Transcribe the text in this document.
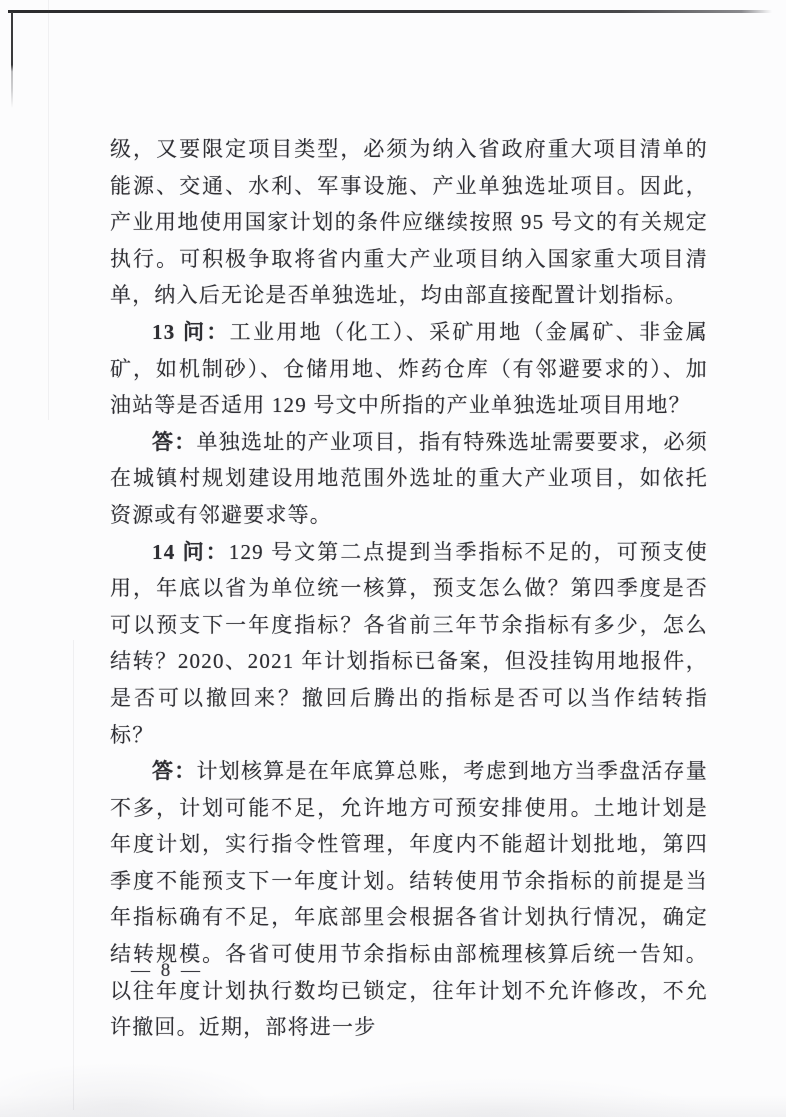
级，又要限定项目类型，必须为纳入省政府重大项目清单的能源、交通、水利、军事设施、产业单独选址项目。因此，产业用地使用国家计划的条件应继续按照 95 号文的有关规定执行。可积极争取将省内重大产业项目纳入国家重大项目清单，纳入后无论是否单独选址，均由部直接配置计划指标。

13 问：工业用地（化工）、采矿用地（金属矿、非金属矿，如机制砂）、仓储用地、炸药仓库（有邻避要求的）、加油站等是否适用 129 号文中所指的产业单独选址项目用地？

答：单独选址的产业项目，指有特殊选址需要要求，必须在城镇村规划建设用地范围外选址的重大产业项目，如依托资源或有邻避要求等。

14 问：129 号文第二点提到当季指标不足的，可预支使用，年底以省为单位统一核算，预支怎么做？第四季度是否可以预支下一年度指标？各省前三年节余指标有多少，怎么结转？2020、2021 年计划指标已备案，但没挂钩用地报件，是否可以撤回来？撤回后腾出的指标是否可以当作结转指标？

答：计划核算是在年底算总账，考虑到地方当季盘活存量不多，计划可能不足，允许地方可预安排使用。土地计划是年度计划，实行指令性管理，年度内不能超计划批地，第四季度不能预支下一年度计划。结转使用节余指标的前提是当年指标确有不足，年底部里会根据各省计划执行情况，确定结转规模。各省可使用节余指标由部梳理核算后统一告知。以往年度计划执行数均已锁定，往年计划不允许修改，不允许撤回。近期，部将进一步

— 8 —
